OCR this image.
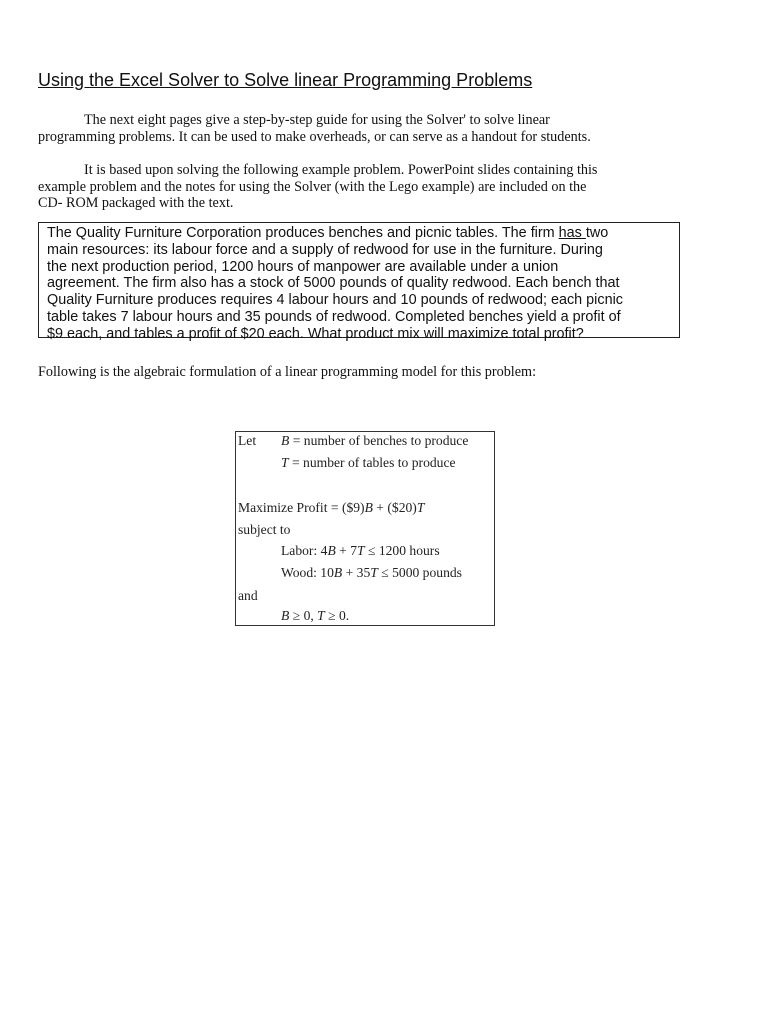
Using the Excel Solver to Solve linear Programming Problems
The next eight pages give a step-by-step guide for using the Solver' to solve linear
programming problems. It can be used to make overheads, or can serve as a handout for students.
It is based upon solving the following example problem. PowerPoint slides containing this
example problem and the notes for using the Solver (with the Lego example) are included on the
CD- ROM packaged with the text.
The Quality Furniture Corporation produces benches and picnic tables. The firm has two
main resources: its labour force and a supply of redwood for use in the furniture. During
the next production period, 1200 hours of manpower are available under a union
agreement. The firm also has a stock of 5000 pounds of quality redwood. Each bench that
Quality Furniture produces requires 4 labour hours and 10 pounds of redwood; each picnic
table takes 7 labour hours and 35 pounds of redwood. Completed benches yield a profit of
$9 each, and tables a profit of $20 each. What product mix will maximize total profit?

Following is the algebraic formulation of a linear programming model for this problem:

Let B = number of benches to produce
T = number of tables to produce
Maximize Profit = ($9)B + ($20)T
subject to
Labor: 4B + 7T ≤ 1200 hours
Wood: 10B + 35T ≤ 5000 pounds
and
B ≥ 0, T ≥ 0.
